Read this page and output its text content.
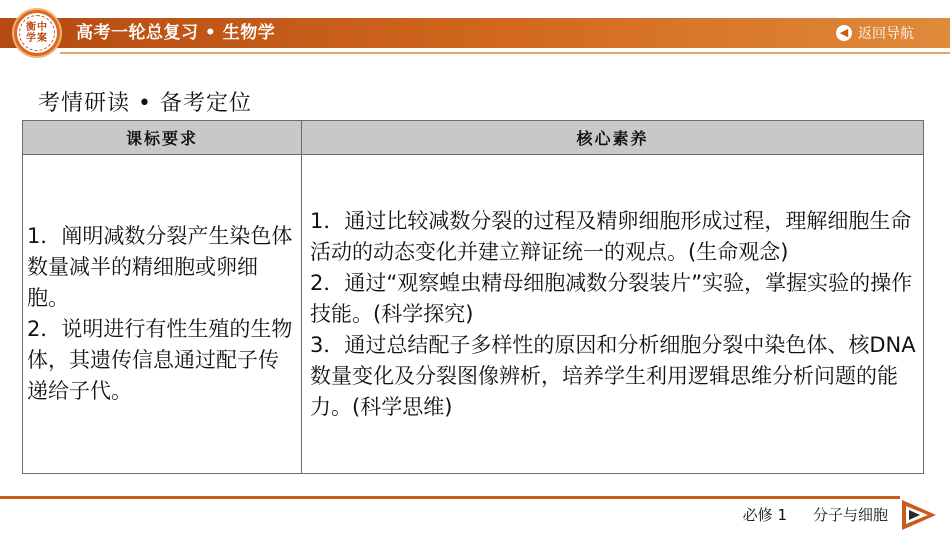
衡中学案 高考一轮总复习 • 生物学	◀ 返回导航
考情研读 • 备考定位
课标要求	核心素养
1．阐明减数分裂产生染色体数量减半的精细胞或卵细胞。
2．说明进行有性生殖的生物体，其遗传信息通过配子传递给子代。
1．通过比较减数分裂的过程及精卵细胞形成过程，理解细胞生命活动的动态变化并建立辩证统一的观点。(生命观念)
2．通过“观察蝗虫精母细胞减数分裂装片”实验，掌握实验的操作技能。(科学探究)
3．通过总结配子多样性的原因和分析细胞分裂中染色体、核DNA数量变化及分裂图像辨析，培养学生利用逻辑思维分析问题的能力。(科学思维)
必修 1 分子与细胞
